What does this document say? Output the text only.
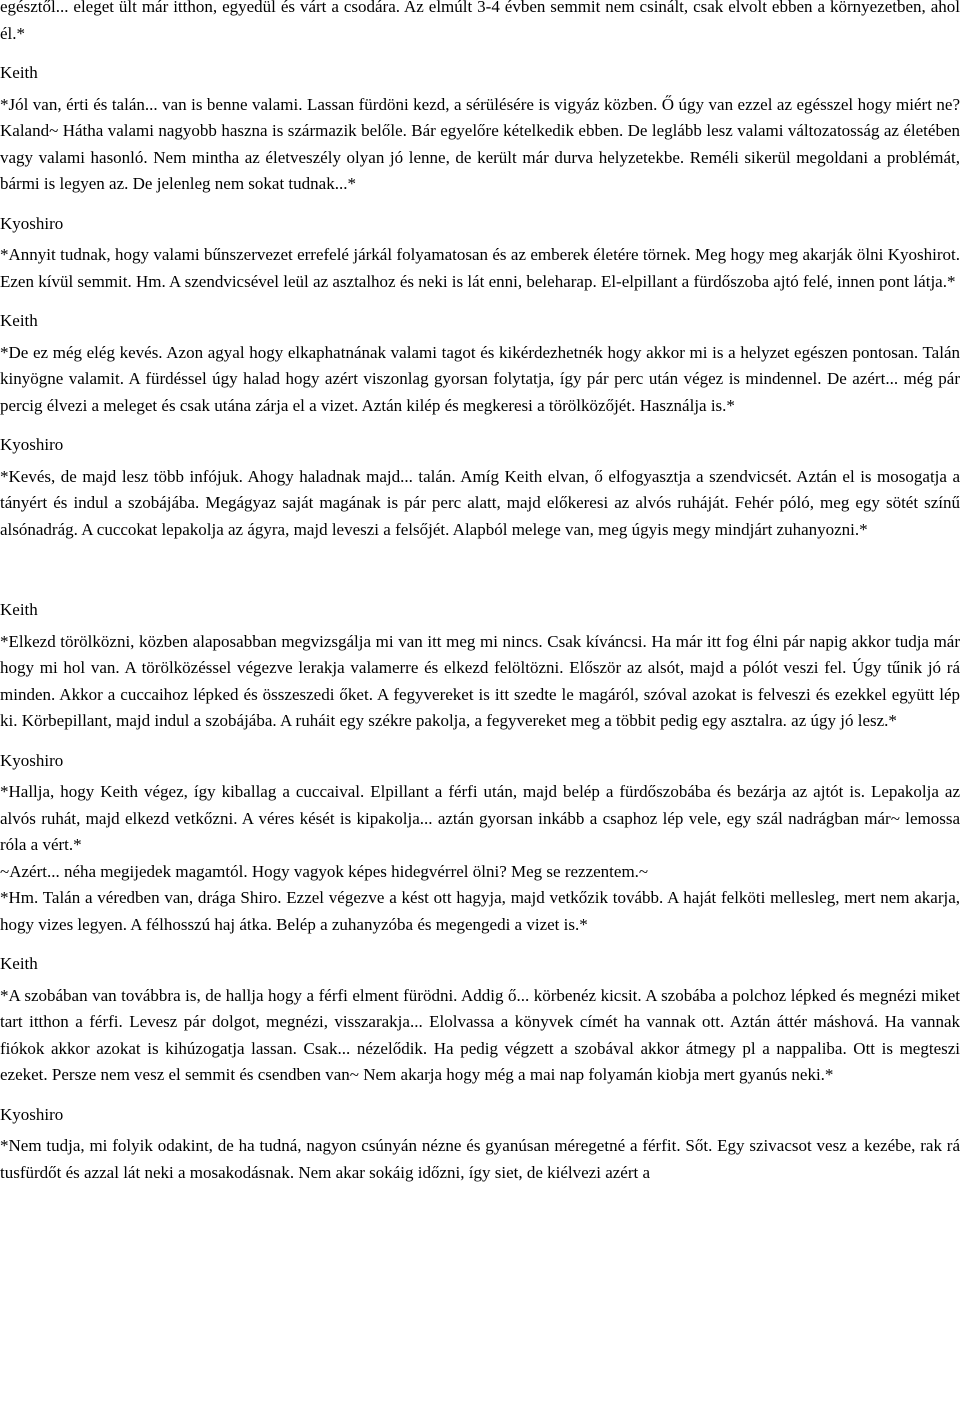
egésztől... eleget ült már itthon, egyedül és várt a csodára. Az elmúlt 3-4 évben semmit nem csinált, csak elvolt ebben a környezetben, ahol él.*

Keith

*Jól van, érti és talán... van is benne valami. Lassan fürdöni kezd, a sérülésére is vigyáz közben. Ő úgy van ezzel az egésszel hogy miért ne? Kaland~ Hátha valami nagyobb haszna is származik belőle. Bár egyelőre kételkedik ebben. De leglább lesz valami változatosság az életében vagy valami hasonló. Nem mintha az életveszély olyan jó lenne, de került már durva helyzetekbe. Reméli sikerül megoldani a problémát, bármi is legyen az. De jelenleg nem sokat tudnak...*

Kyoshiro

*Annyit tudnak, hogy valami bűnszervezet errefelé járkál folyamatosan és az emberek életére törnek. Meg hogy meg akarják ölni Kyoshirot. Ezen kívül semmit. Hm. A szendvicsével leül az asztalhoz és neki is lát enni, beleharap. El-elpillant a fürdőszoba ajtó felé, innen pont látja.*

Keith

*De ez még elég kevés. Azon agyal hogy elkaphatnának valami tagot és kikérdezhetnék hogy akkor mi is a helyzet egészen pontosan. Talán kinyögne valamit. A fürdéssel úgy halad hogy azért viszonlag gyorsan folytatja, így pár perc után végez is mindennel. De azért... még pár percig élvezi a meleget és csak utána zárja el a vizet. Aztán kilép és megkeresi a törölközőjét. Használja is.*

Kyoshiro

*Kevés, de majd lesz több infójuk. Ahogy haladnak majd... talán. Amíg Keith elvan, ő elfogyasztja a szendvicsét. Aztán el is mosogatja a tányért és indul a szobájába. Megágyaz saját magának is pár perc alatt, majd előkeresi az alvós ruháját. Fehér póló, meg egy sötét színű alsónadrág. A cuccokat lepakolja az ágyra, majd leveszi a felsőjét. Alapból melege van, meg úgyis megy mindjárt zuhanyozni.*

Keith

*Elkezd törölközni, közben alaposabban megvizsgálja mi van itt meg mi nincs. Csak kíváncsi. Ha már itt fog élni pár napig akkor tudja már hogy mi hol van. A törölközéssel végezve lerakja valamerre és elkezd felöltözni. Először az alsót, majd a pólót veszi fel. Úgy tűnik jó rá minden. Akkor a cuccaihoz lépked és összeszedi őket. A fegyvereket is itt szedte le magáról, szóval azokat is felveszi és ezekkel együtt lép ki. Körbepillant, majd indul a szobájába. A ruháit egy székre pakolja, a fegyvereket meg a többit pedig egy asztalra. az úgy jó lesz.*

Kyoshiro

*Hallja, hogy Keith végez, így kiballag a cuccaival. Elpillant a férfi után, majd belép a fürdőszobába és bezárja az ajtót is. Lepakolja az alvós ruhát, majd elkezd vetkőzni. A véres kését is kipakolja... aztán gyorsan inkább a csaphoz lép vele, egy szál nadrágban már~ lemossa róla a vért.*

~Azért... néha megijedek magamtól. Hogy vagyok képes hidegvérrel ölni? Meg se rezzentem.~

*Hm. Talán a véredben van, drága Shiro. Ezzel végezve a kést ott hagyja, majd vetkőzik tovább. A haját felköti mellesleg, mert nem akarja, hogy vizes legyen. A félhosszú haj átka. Belép a zuhanyzóba és megengedi a vizet is.*

Keith

*A szobában van továbbra is, de hallja hogy a férfi elment fürödni. Addig ő... körbenéz kicsit. A szobába a polchoz lépked és megnézi miket tart itthon a férfi. Levesz pár dolgot, megnézi, visszarakja... Elolvassa a könyvek címét ha vannak ott. Aztán áttér máshová. Ha vannak fiókok akkor azokat is kihúzogatja lassan. Csak... nézelődik. Ha pedig végzett a szobával akkor átmegy pl a nappaliba. Ott is megteszi ezeket. Persze nem vesz el semmit és csendben van~ Nem akarja hogy még a mai nap folyamán kiobja mert gyanús neki.*

Kyoshiro

*Nem tudja, mi folyik odakint, de ha tudná, nagyon csúnyán nézne és gyanúsan méregetné a férfit. Sőt. Egy szivacsot vesz a kezébe, rak rá tusfürdőt és azzal lát neki a mosakodásnak. Nem akar sokáig időzni, így siet, de kiélvezi azért a
